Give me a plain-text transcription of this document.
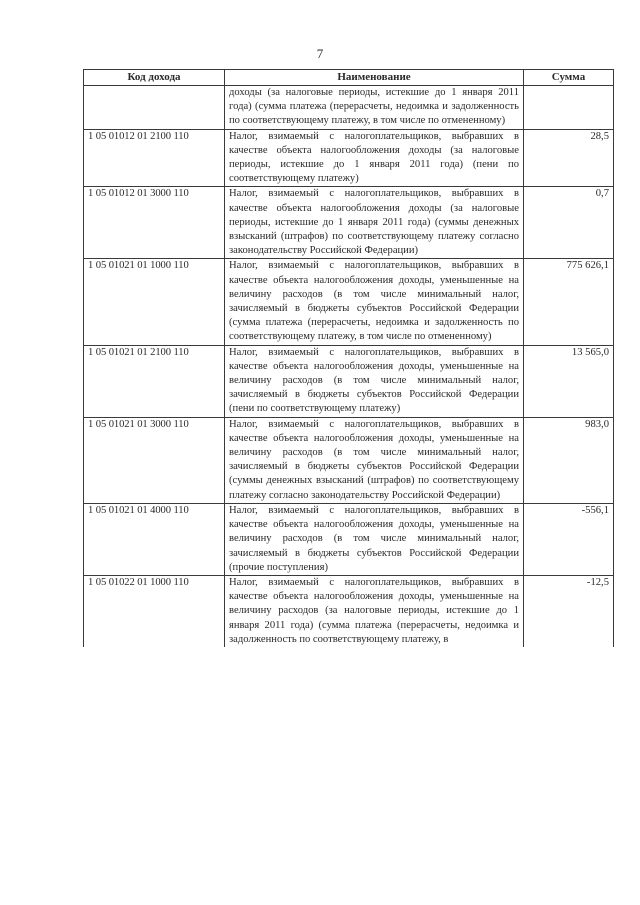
7
Код дохода	Наименование	Сумма
	доходы (за налоговые периоды, истекшие до 1 января 2011 года) (сумма платежа (перерасчеты, недоимка и задолженность по соответствующему платежу, в том числе по отмененному)	
1 05 01012 01 2100 110	Налог, взимаемый с налогоплательщиков, выбравших в качестве объекта налогообложения доходы (за налоговые периоды, истекшие до 1 января 2011 года) (пени по соответствующему платежу)	28,5
1 05 01012 01 3000 110	Налог, взимаемый с налогоплательщиков, выбравших в качестве объекта налогообложения доходы (за налоговые периоды, истекшие до 1 января 2011 года) (суммы денежных взысканий (штрафов) по соответствующему платежу согласно законодательству Российской Федерации)	0,7
1 05 01021 01 1000 110	Налог, взимаемый с налогоплательщиков, выбравших в качестве объекта налогообложения доходы, уменьшенные на величину расходов (в том числе минимальный налог, зачисляемый в бюджеты субъектов Российской Федерации (сумма платежа (перерасчеты, недоимка и задолженность по соответствующему платежу, в том числе по отмененному)	775 626,1
1 05 01021 01 2100 110	Налог, взимаемый с налогоплательщиков, выбравших в качестве объекта налогообложения доходы, уменьшенные на величину расходов (в том числе минимальный налог, зачисляемый в бюджеты субъектов Российской Федерации (пени по соответствующему платежу)	13 565,0
1 05 01021 01 3000 110	Налог, взимаемый с налогоплательщиков, выбравших в качестве объекта налогообложения доходы, уменьшенные на величину расходов (в том числе минимальный налог, зачисляемый в бюджеты субъектов Российской Федерации (суммы денежных взысканий (штрафов) по соответствующему платежу согласно законодательству Российской Федерации)	983,0
1 05 01021 01 4000 110	Налог, взимаемый с налогоплательщиков, выбравших в качестве объекта налогообложения доходы, уменьшенные на величину расходов (в том числе минимальный налог, зачисляемый в бюджеты субъектов Российской Федерации (прочие поступления)	-556,1
1 05 01022 01 1000 110	Налог, взимаемый с налогоплательщиков, выбравших в качестве объекта налогообложения доходы, уменьшенные на величину расходов (за налоговые периоды, истекшие до 1 января 2011 года) (сумма платежа (перерасчеты, недоимка и задолженность по соответствующему платежу, в	-12,5
